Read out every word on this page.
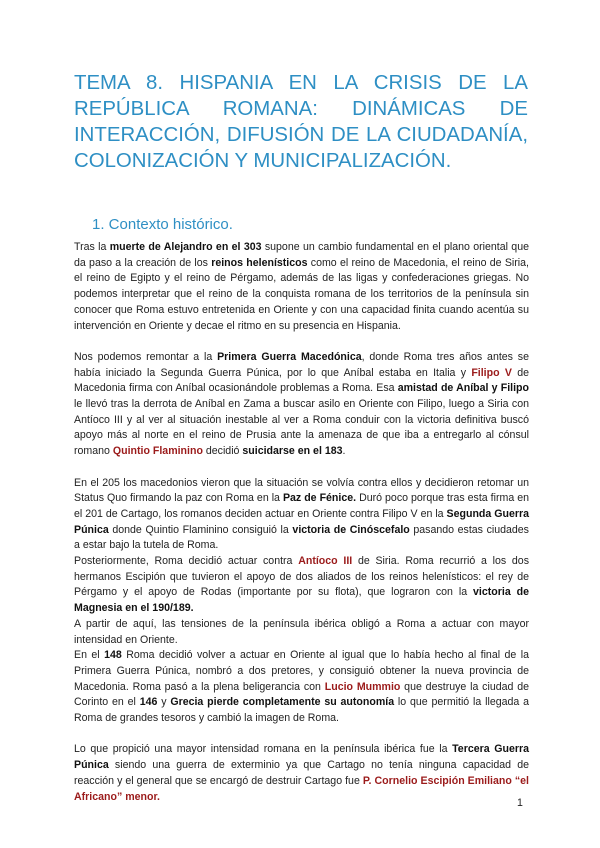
TEMA 8. HISPANIA EN LA CRISIS DE LA REPÚBLICA ROMANA: DINÁMICAS DE INTERACCIÓN, DIFUSIÓN DE LA CIUDADANÍA, COLONIZACIÓN Y MUNICIPALIZACIÓN.
1. Contexto histórico.

Tras la muerte de Alejandro en el 303 supone un cambio fundamental en el plano oriental que da paso a la creación de los reinos helenísticos como el reino de Macedonia, el reino de Siria, el reino de Egipto y el reino de Pérgamo, además de las ligas y confederaciones griegas. No podemos interpretar que el reino de la conquista romana de los territorios de la península sin conocer que Roma estuvo entretenida en Oriente y con una capacidad finita cuando acentúa su intervención en Oriente y decae el ritmo en su presencia en Hispania.

Nos podemos remontar a la Primera Guerra Macedónica, donde Roma tres años antes se había iniciado la Segunda Guerra Púnica, por lo que Aníbal estaba en Italia y Filipo V de Macedonia firma con Aníbal ocasionándole problemas a Roma. Esa amistad de Aníbal y Filipo le llevó tras la derrota de Aníbal en Zama a buscar asilo en Oriente con Filipo, luego a Siria con Antíoco III y al ver al situación inestable al ver a Roma conduir con la victoria definitiva buscó apoyo más al norte en el reino de Prusia ante la amenaza de que iba a entregarlo al cónsul romano Quintio Flaminino decidió suicidarse en el 183.

En el 205 los macedonios vieron que la situación se volvía contra ellos y decidieron retomar un Status Quo firmando la paz con Roma en la Paz de Fénice. Duró poco porque tras esta firma en el 201 de Cartago, los romanos deciden actuar en Oriente contra Filipo V en la Segunda Guerra Púnica donde Quintio Flaminino consiguió la victoria de Cinóscefalo pasando estas ciudades a estar bajo la tutela de Roma.

Posteriormente, Roma decidió actuar contra Antíoco III de Siria. Roma recurrió a los dos hermanos Escipión que tuvieron el apoyo de dos aliados de los reinos helenísticos: el rey de Pérgamo y el apoyo de Rodas (importante por su flota), que lograron con la victoria de Magnesia en el 190/189.

A partir de aquí, las tensiones de la península ibérica obligó a Roma a actuar con mayor intensidad en Oriente.

En el 148 Roma decidió volver a actuar en Oriente al igual que lo había hecho al final de la Primera Guerra Púnica, nombró a dos pretores, y consiguió obtener la nueva provincia de Macedonia. Roma pasó a la plena beligerancia con Lucio Mummio que destruye la ciudad de Corinto en el 146 y Grecia pierde completamente su autonomía lo que permitió la llegada a Roma de grandes tesoros y cambió la imagen de Roma.

Lo que propició una mayor intensidad romana en la península ibérica fue la Tercera Guerra Púnica siendo una guerra de exterminio ya que Cartago no tenía ninguna capacidad de reacción y el general que se encargó de destruir Cartago fue P. Cornelio Escipión Emiliano “el Africano” menor.

1
